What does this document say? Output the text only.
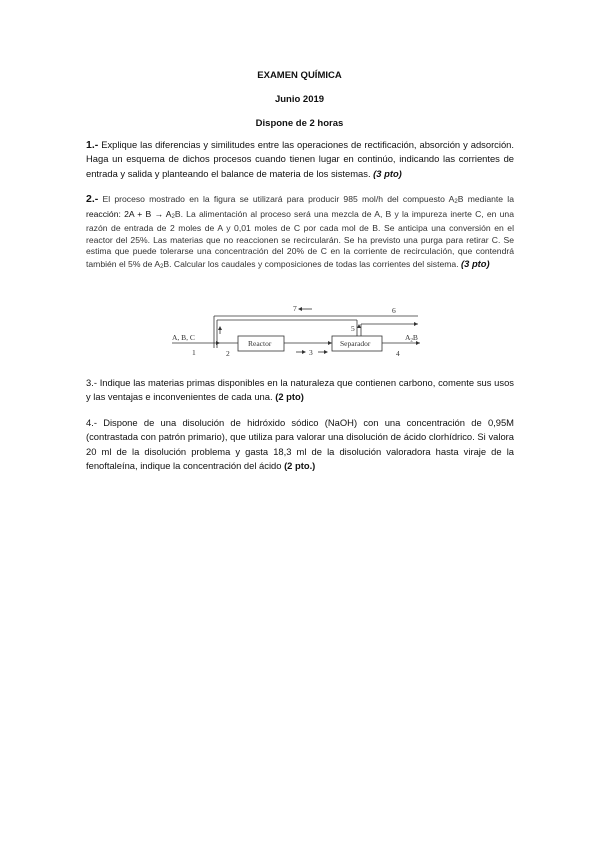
EXAMEN QUÍMICA
Junio 2019
Dispone de 2 horas
1.- Explique las diferencias y similitudes entre las operaciones de rectificación, absorción y adsorción. Haga un esquema de dichos procesos cuando tienen lugar en continúo, indicando las corrientes de entrada y salida y planteando el balance de materia de los sistemas. (3 pto)
2.- El proceso mostrado en la figura se utilizará para producir 985 mol/h del compuesto $A_2B$ mediante la reacción: $2A + B \to A_2B$. La alimentación al proceso será una mezcla de A, B y la impureza inerte C, en una razón de entrada de 2 moles de A y 0,01 moles de C por cada mol de B. Se anticipa una conversión en el reactor del 25%. Las materias que no reaccionen se recircularán. Se ha previsto una purga para retirar C. Se estima que puede tolerarse una concentración del 20% de C en la corriente de recirculación, que contendrá también el 5% de $A_2B$. Calcular los caudales y composiciones de todas las corrientes del sistema. (3 pto)
A, B, C
1	2
Reactor
3
Separador
5
7	6
4
$A_2B$
3.- Indique las materias primas disponibles en la naturaleza que contienen carbono, comente sus usos y las ventajas e inconvenientes de cada una. (2 pto)
4.- Dispone de una disolución de hidróxido sódico (NaOH) con una concentración de 0,95M (contrastada con patrón primario), que utiliza para valorar una disolución de ácido clorhídrico. Si valora 20 ml de la disolución problema y gasta 18,3 ml de la disolución valoradora hasta viraje de la fenoftaleína, indique la concentración del ácido (2 pto.)
